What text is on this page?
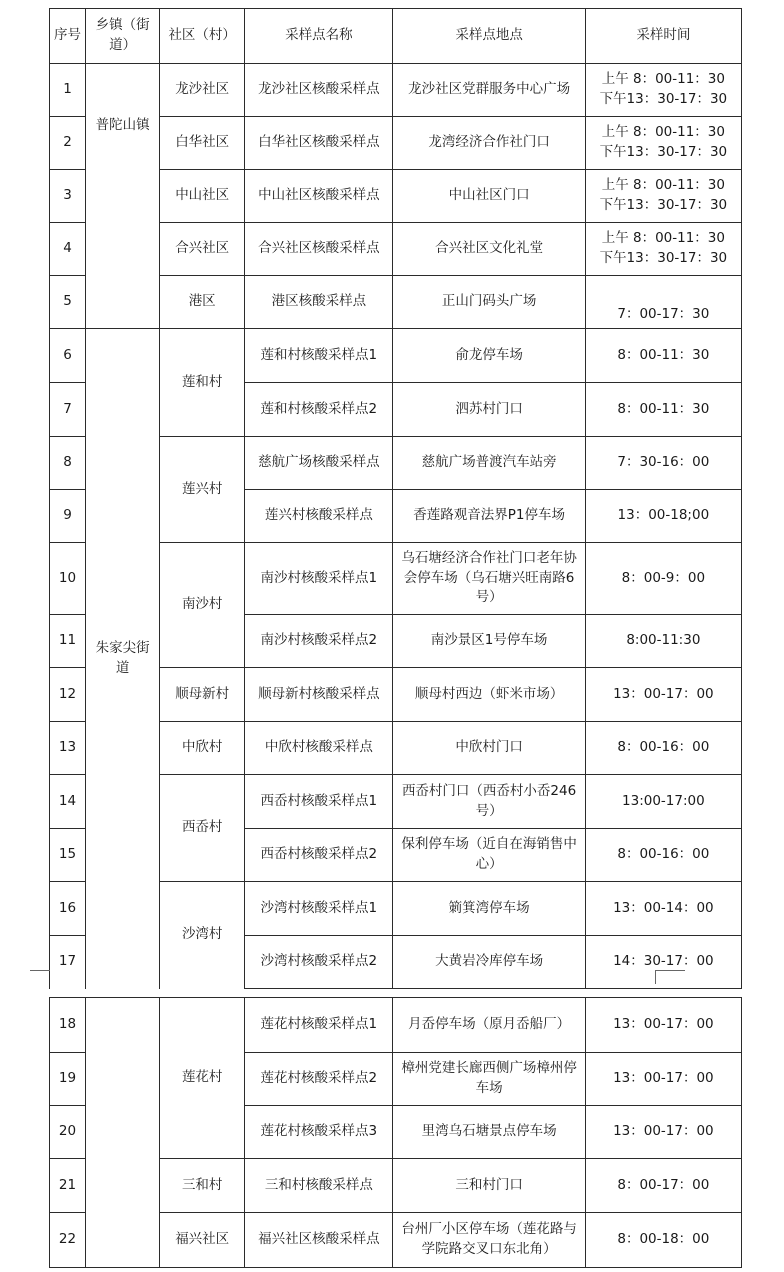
序号	乡镇（街道）	社区（村）	采样点名称	采样点地点	采样时间
1	普陀山镇	龙沙社区	龙沙社区核酸采样点	龙沙社区党群服务中心广场	上午 8：00-11：30
下午13：30-17：30

2		白华社区	白华社区核酸采样点	龙湾经济合作社门口	上午 8：00-11：30
下午13：30-17：30

3		中山社区	中山社区核酸采样点	中山社区门口	上午 8：00-11：30
下午13：30-17：30

4		合兴社区	合兴社区核酸采样点	合兴社区文化礼堂	上午 8：00-11：30
下午13：30-17：30

5		港区	港区核酸采样点	正山门码头广场	7：00-17：30
6	朱家尖街道	莲和村	莲和村核酸采样点1	俞龙停车场	8：00-11：30
7			莲和村核酸采样点2	泗苏村门口	8：00-11：30
8		莲兴村	慈航广场核酸采样点	慈航广场普渡汽车站旁	7：30-16：00
9			莲兴村核酸采样点	香莲路观音法界P1停车场	13：00-18;00
10		南沙村	南沙村核酸采样点1	乌石塘经济合作社门口老年协会停车场（乌石塘兴旺南路6号）	8：00-9：00
11			南沙村核酸采样点2	南沙景区1号停车场	8:00-11:30
12		顺母新村	顺母新村核酸采样点	顺母村西边（虾米市场）	13：00-17：00
13		中欣村	中欣村核酸采样点	中欣村门口	8：00-16：00
14		西岙村	西岙村核酸采样点1	西岙村门口（西岙村小岙246号）	13:00-17:00
15			西岙村核酸采样点2	保利停车场（近自在海销售中心）	8：00-16：00
16		沙湾村	沙湾村核酸采样点1	箣箕湾停车场	13：00-14：00
17			沙湾村核酸采样点2	大黄岩冷库停车场	14：30-17：00
18		莲花村	莲花村核酸采样点1	月岙停车场（原月岙船厂）	13：00-17：00
19			莲花村核酸采样点2	樟州党建长廊西侧广场樟州停车场	13：00-17：00
20			莲花村核酸采样点3	里湾乌石塘景点停车场	13：00-17：00
21		三和村	三和村核酸采样点	三和村门口	8：00-17：00
22		福兴社区	福兴社区核酸采样点	台州厂小区停车场（莲花路与学院路交叉口东北角）	8：00-18：00
